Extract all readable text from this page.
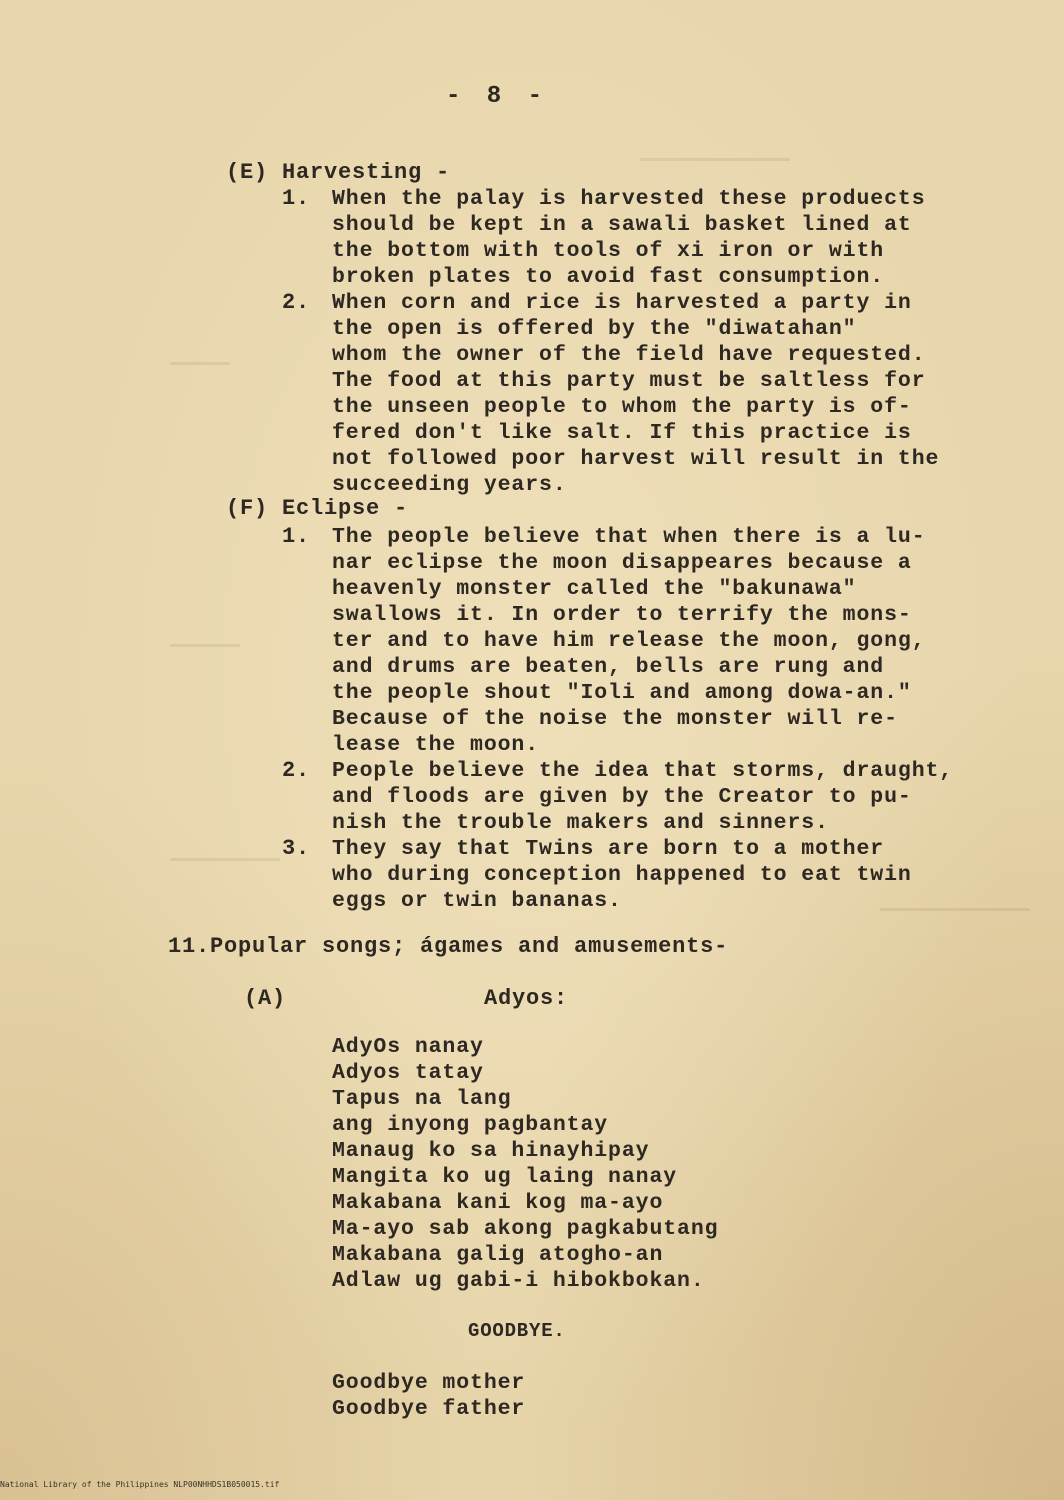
- 8 -

(E) Harvesting -

1. When the palay is harvested these produects

should be kept in a sawali basket lined at

the bottom with tools of xi iron or with

broken plates to avoid fast consumption.

2. When corn and rice is harvested a party in

the open is offered by the "diwatahan"

whom the owner of the field have requested.

The food at this party must be saltless for

the unseen people to whom the party is of-

fered don't like salt. If this practice is

not followed poor harvest will result in the

succeeding years.

(F) Eclipse -

1. The people believe that when there is a lu-

nar eclipse the moon disappeares because a

heavenly monster called the "bakunawa"

swallows it. In order to terrify the mons-

ter and to have him release the moon, gong,

and drums are beaten, bells are rung and

the people shout "Ioli and among dowa-an."

Because of the noise the monster will re-

lease the moon.

2. People believe the idea that storms, draught,

and floods are given by the Creator to pu-

nish the trouble makers and sinners.

3. They say that Twins are born to a mother

who during conception happened to eat twin

eggs or twin bananas.

11.Popular songs; ágames and amusements-

(A)	Adyos:

AdyOs nanay

Adyos tatay

Tapus na lang

ang inyong pagbantay

Manaug ko sa hinayhipay

Mangita ko ug laing nanay

Makabana kani kog ma-ayo

Ma-ayo sab akong pagkabutang

Makabana galig atogho-an

Adlaw ug gabi-i hibokbokan.

GOODBYE.

Goodbye mother

Goodbye father

National Library of the Philippines NLP00NHHDS1B050015.tif
